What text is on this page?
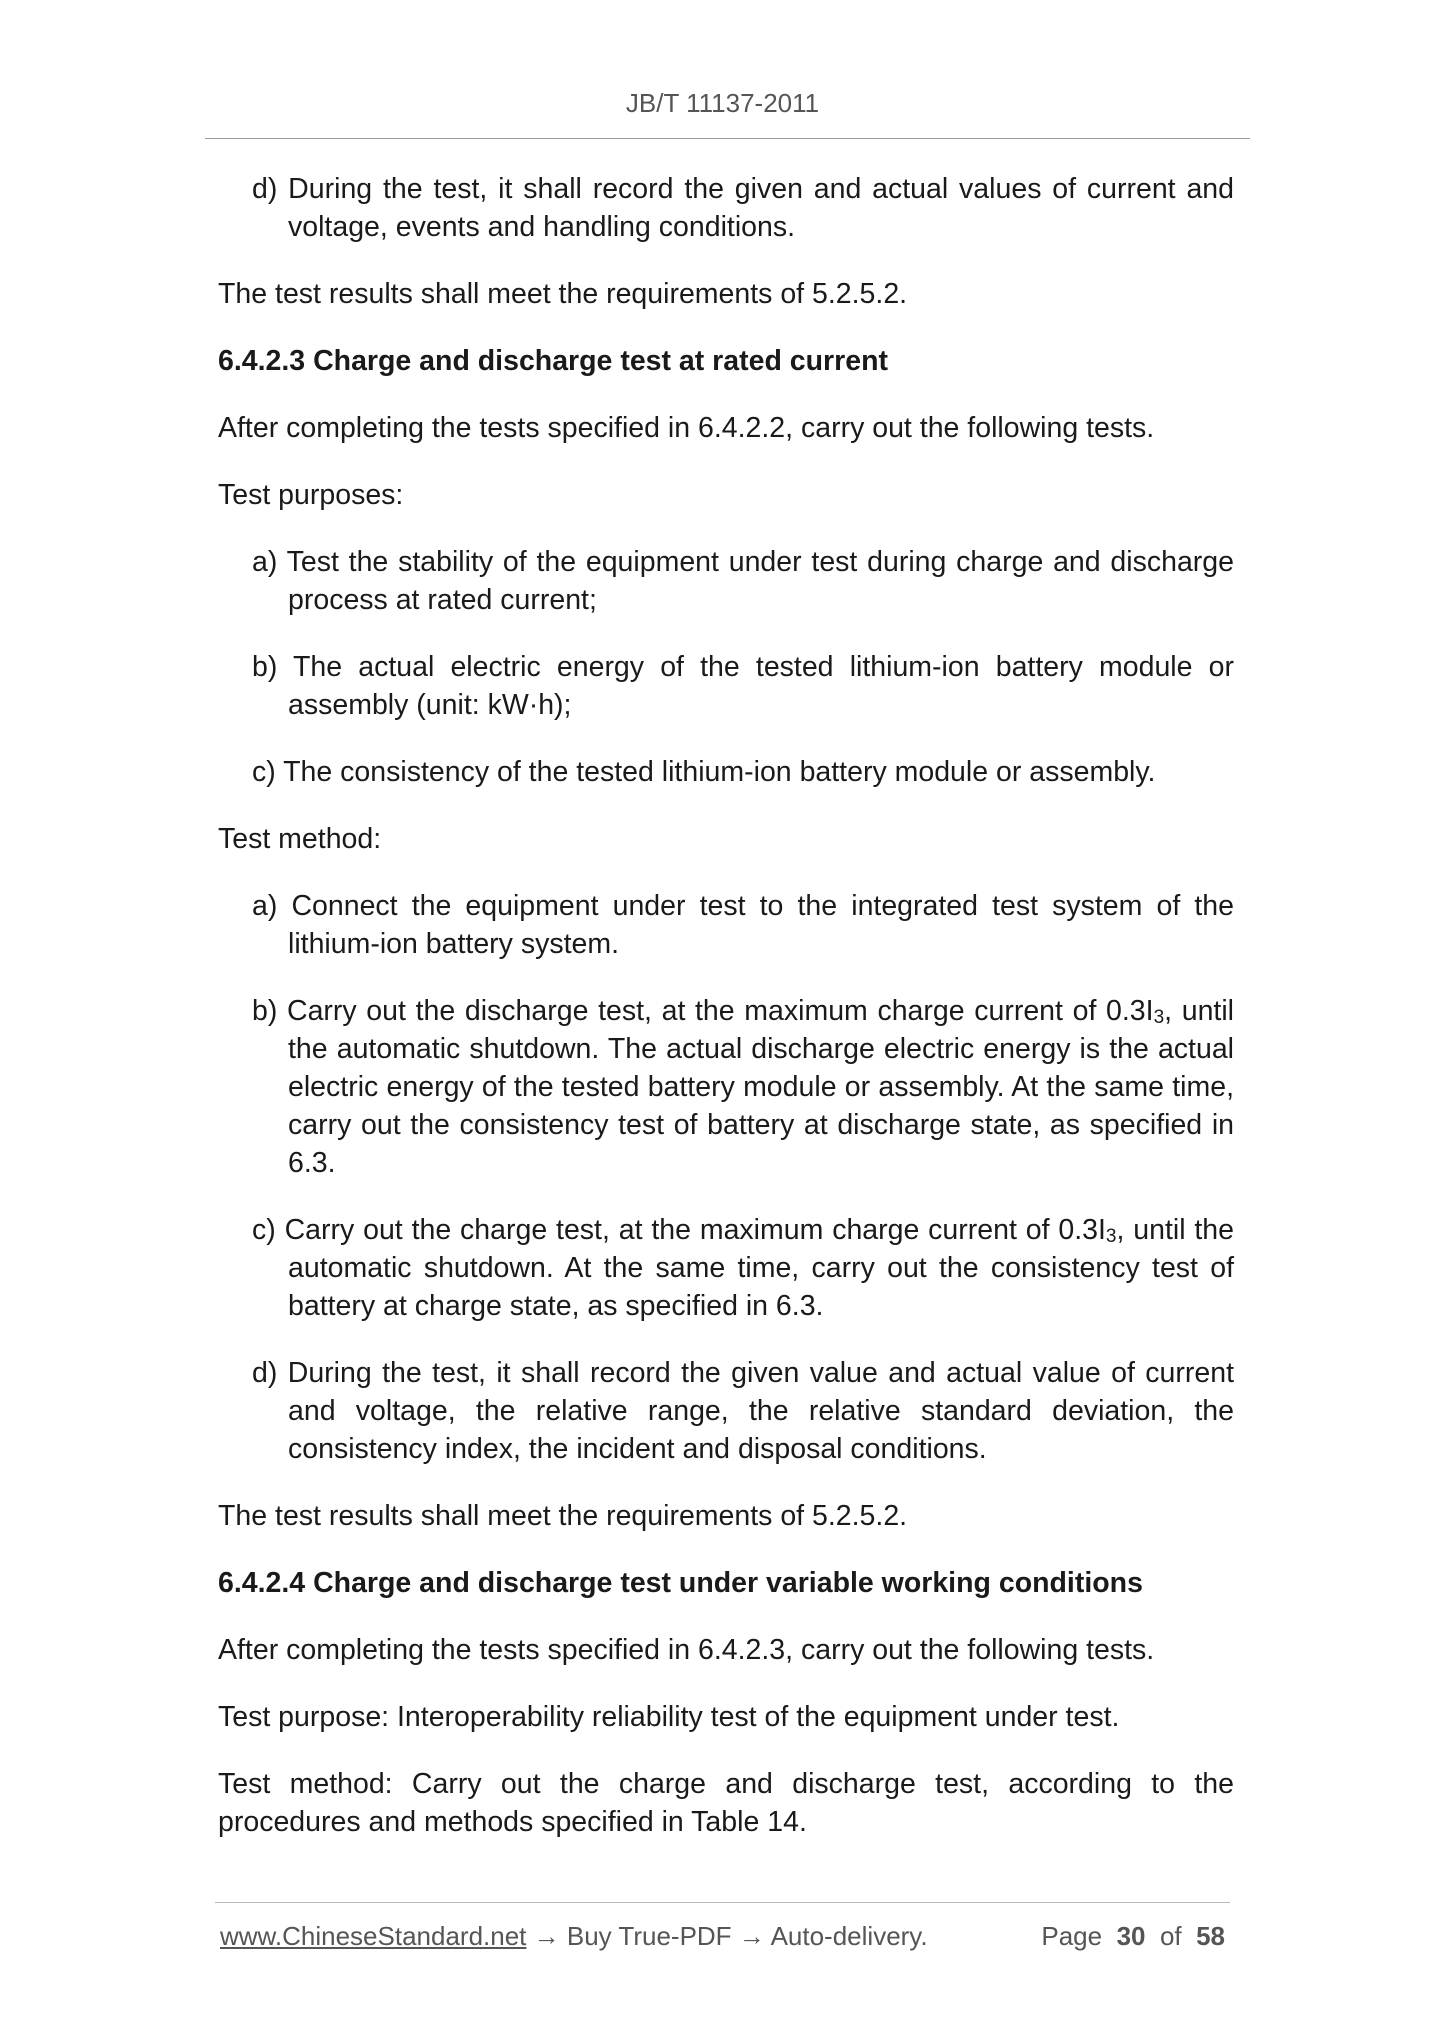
JB/T 11137-2011

d) During the test, it shall record the given and actual values of current and voltage, events and handling conditions.

The test results shall meet the requirements of 5.2.5.2.

6.4.2.3 Charge and discharge test at rated current

After completing the tests specified in 6.4.2.2, carry out the following tests.

Test purposes:

a) Test the stability of the equipment under test during charge and discharge process at rated current;

b) The actual electric energy of the tested lithium-ion battery module or assembly (unit: kW·h);

c) The consistency of the tested lithium-ion battery module or assembly.

Test method:

a) Connect the equipment under test to the integrated test system of the lithium-ion battery system.

b) Carry out the discharge test, at the maximum charge current of $0.3I_3$, until the automatic shutdown. The actual discharge electric energy is the actual electric energy of the tested battery module or assembly. At the same time, carry out the consistency test of battery at discharge state, as specified in 6.3.

c) Carry out the charge test, at the maximum charge current of $0.3I_3$, until the automatic shutdown. At the same time, carry out the consistency test of battery at charge state, as specified in 6.3.

d) During the test, it shall record the given value and actual value of current and voltage, the relative range, the relative standard deviation, the consistency index, the incident and disposal conditions.

The test results shall meet the requirements of 5.2.5.2.

6.4.2.4 Charge and discharge test under variable working conditions

After completing the tests specified in 6.4.2.3, carry out the following tests.

Test purpose: Interoperability reliability test of the equipment under test.

Test method: Carry out the charge and discharge test, according to the procedures and methods specified in Table 14.

www.ChineseStandard.net → Buy True-PDF → Auto-delivery.	Page 30 of 58
